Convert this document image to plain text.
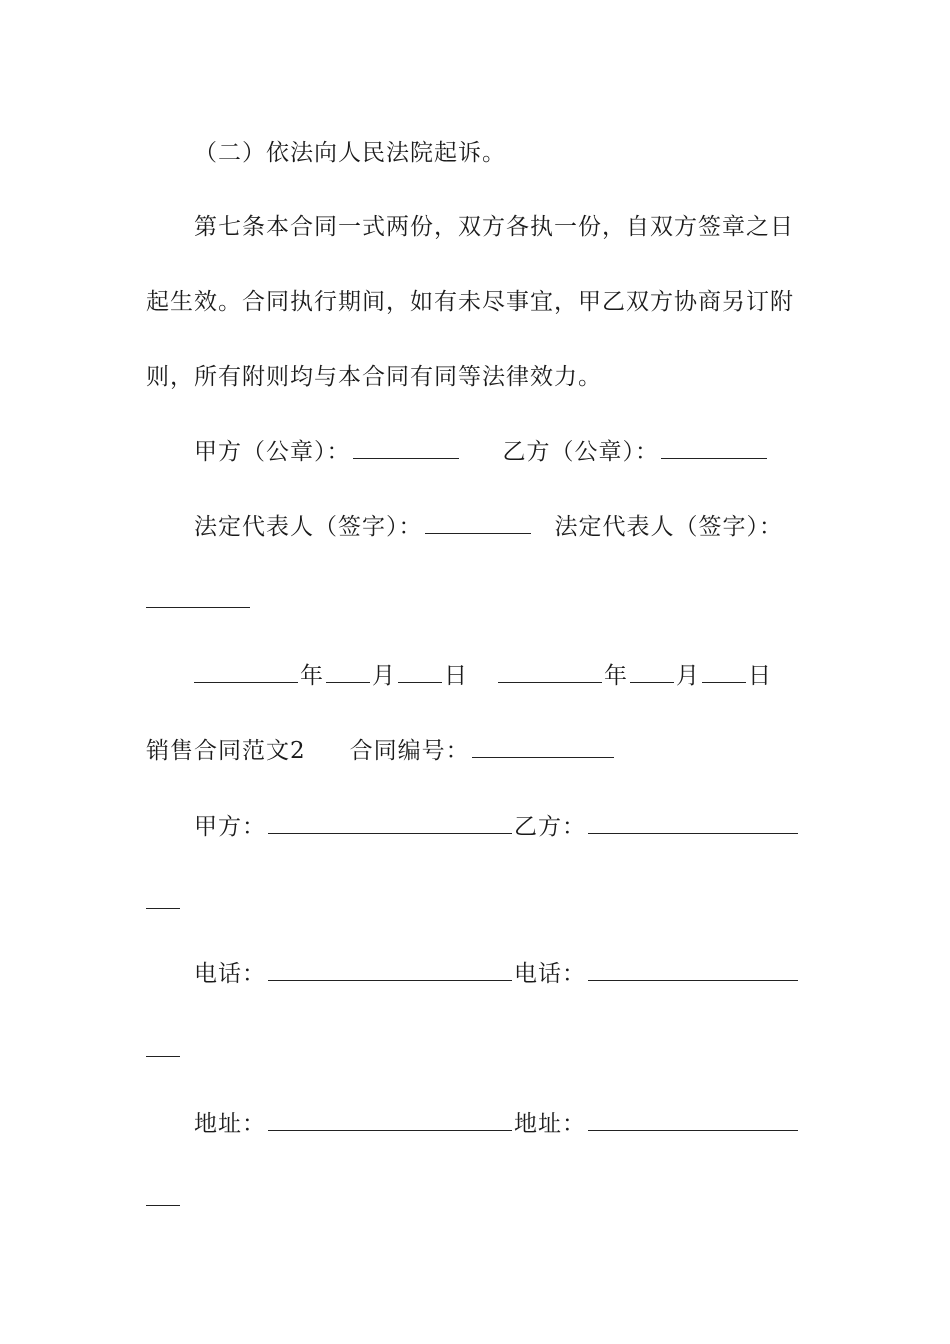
（二）依法向人民法院起诉。
第七条本合同一式两份，双方各执一份，自双方签章之日
起生效。合同执行期间，如有未尽事宜，甲乙双方协商另订附
则，所有附则均与本合同有同等法律效力。
甲方（公章）：	乙方（公章）：
法定代表人（签字）：	法定代表人（签字）：
年 月 日	年 月 日
销售合同范文2 合同编号：
甲方：	乙方：
电话：	电话：
地址：	地址：
